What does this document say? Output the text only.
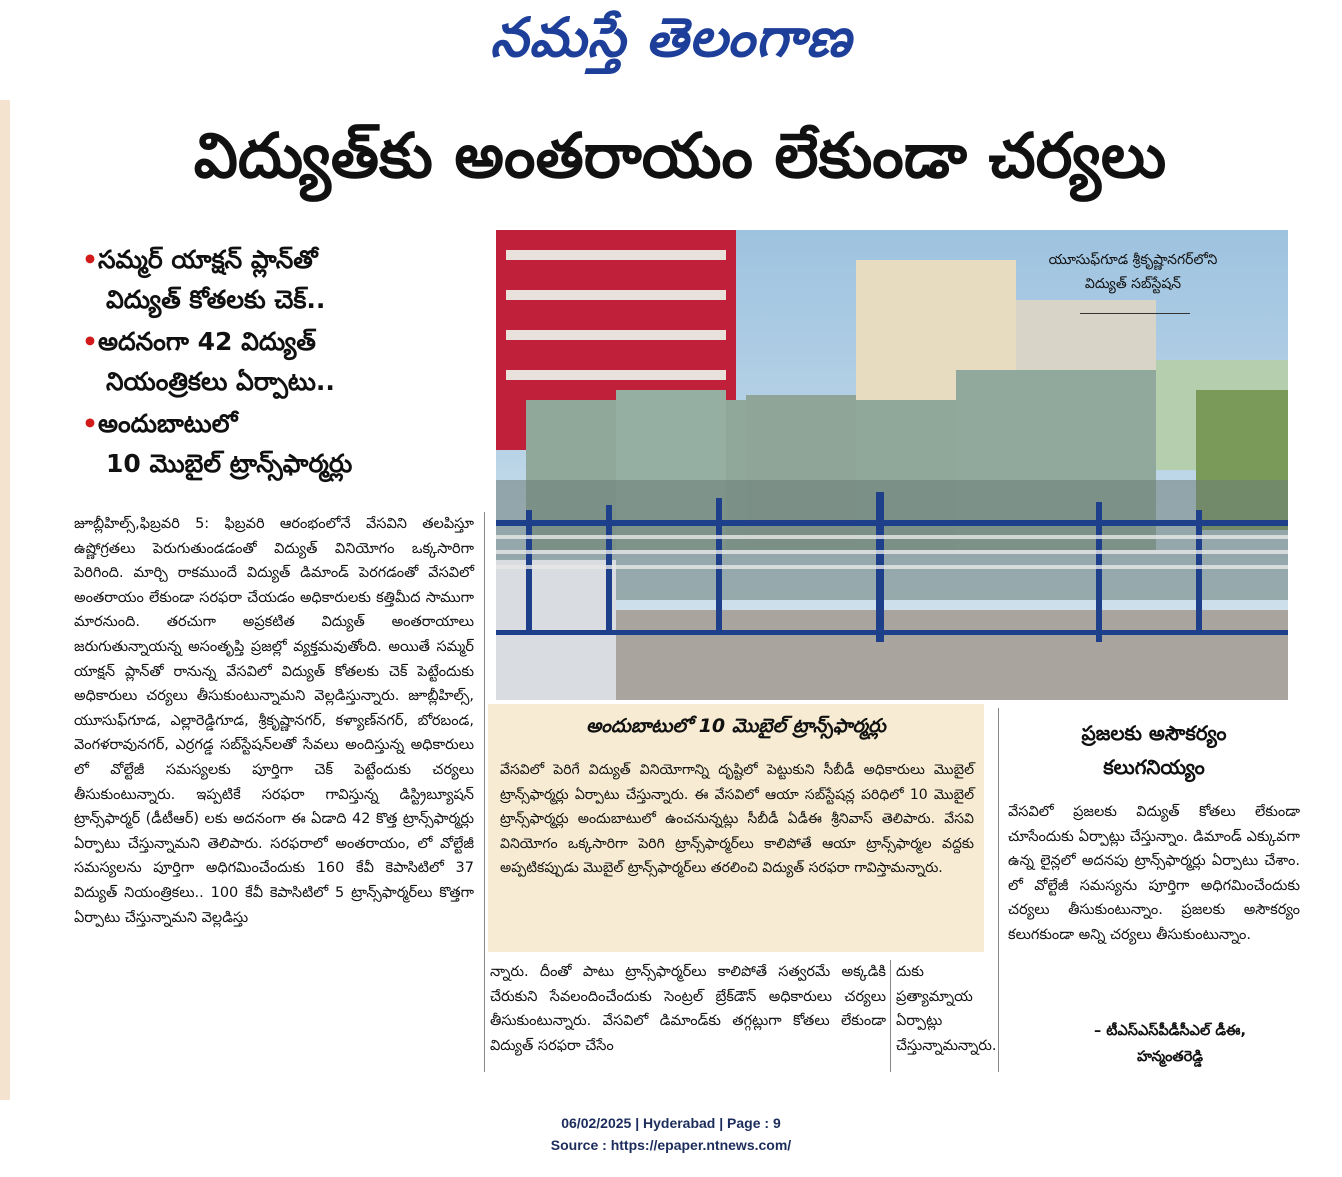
నమస్తే తెలంగాణ
విద్యుత్‌కు అంతరాయం లేకుండా చర్యలు
•సమ్మర్‌ యాక్షన్‌ ప్లాన్‌తో
విద్యుత్‌ కోతలకు చెక్‌..
•అదనంగా 42 విద్యుత్‌
నియంత్రికలు ఏర్పాటు..
•అందుబాటులో
10 మొబైల్‌ ట్రాన్స్‌ఫార్మర్లు
జూబ్లీహిల్స్‌,ఫిబ్రవరి 5: ఫిబ్రవరి ఆరంభంలోనే వేసవిని తలపిస్తూ ఉష్ణోగ్రతలు పెరుగుతుండడంతో విద్యుత్‌ వినియోగం ఒక్కసారిగా పెరిగింది. మార్చి రాకముందే విద్యుత్‌ డిమాండ్‌ పెరగడంతో వేసవిలో అంతరాయం లేకుండా సరఫరా చేయడం అధికారులకు కత్తిమీద సాముగా మారనుంది. తరచుగా అప్రకటిత విద్యుత్‌ అంతరాయాలు జరుగుతున్నాయన్న అసంతృప్తి ప్రజల్లో వ్యక్తమవుతోంది. అయితే సమ్మర్‌ యాక్షన్‌ ప్లాన్‌తో రానున్న వేసవిలో విద్యుత్‌ కోతలకు చెక్‌ పెట్టేందుకు అధికారులు చర్యలు తీసుకుంటున్నామని వెల్లడిస్తున్నారు. జూబ్లీహిల్స్‌, యూసుఫ్‌గూడ, ఎల్లారెడ్డిగూడ, శ్రీకృష్ణానగర్‌, కళ్యాణ్‌నగర్‌, బోరబండ, వెంగళరావునగర్‌, ఎర్రగడ్డ సబ్‌స్టేషన్‌లతో సేవలు అందిస్తున్న అధికారులు లో వోల్టేజీ సమస్యలకు పూర్తిగా చెక్‌ పెట్టేందుకు చర్యలు తీసుకుంటున్నారు. ఇప్పటికే సరఫరా గావిస్తున్న డిస్ట్రిబ్యూషన్‌ ట్రాన్స్‌ఫార్మర్‌ (డీటీఆర్‌) లకు అదనంగా ఈ ఏడాది 42 కొత్త ట్రాన్స్‌ఫార్మర్లు ఏర్పాటు చేస్తున్నామని తెలిపారు. సరఫరాలో అంతరాయం, లో వోల్టేజీ సమస్యలను పూర్తిగా అధిగమించేందుకు 160 కేవీ కెపాసిటిలో 37 విద్యుత్‌ నియంత్రికలు.. 100 కేవీ కెపాసిటిలో 5 ట్రాన్స్‌ఫార్మర్‌లు కొత్తగా ఏర్పాటు చేస్తున్నామని వెల్లడిస్తు
యూసుఫ్‌గూడ శ్రీకృష్ణానగర్‌లోని
విద్యుత్‌ సబ్‌స్టేషన్‌
అందుబాటులో 10 మొబైల్‌ ట్రాన్స్‌ఫార్మర్లు
వేసవిలో పెరిగే విద్యుత్‌ వినియోగాన్ని దృష్టిలో పెట్టుకుని సీబీడీ అధికారులు మొబైల్‌ ట్రాన్స్‌ఫార్మర్లు ఏర్పాటు చేస్తున్నారు. ఈ వేసవిలో ఆయా సబ్‌స్టేషన్ల పరిధిలో 10 మొబైల్‌ ట్రాన్స్‌ఫార్మర్లు అందుబాటులో ఉంచనున్నట్లు సీబీడీ ఏడీఈ శ్రీనివాస్‌ తెలిపారు. వేసవి వినియోగం ఒక్కసారిగా పెరిగి ట్రాన్స్‌ఫార్మర్‌లు కాలిపోతే ఆయా ట్రాన్స్‌ఫార్మల వద్దకు అప్పటికప్పుడు మొబైల్‌ ట్రాన్స్‌ఫార్మర్‌లు తరలించి విద్యుత్‌ సరఫరా గావిస్తామన్నారు.
న్నారు. దీంతో పాటు ట్రాన్స్‌ఫార్మర్‌లు కాలిపోతే సత్వరమే అక్కడికి చేరుకుని సేవలందించేందుకు సెంట్రల్‌ బ్రేక్‌డౌన్‌ అధికారులు చర్యలు తీసుకుంటున్నారు. వేసవిలో డిమాండ్‌కు తగ్గట్లుగా కోతలు లేకుండా విద్యుత్‌ సరఫరా చేసేం
దుకు ప్రత్యామ్నాయ ఏర్పాట్లు చేస్తున్నామన్నారు.
ప్రజలకు అసౌకర్యం
కలుగనియ్యం
వేసవిలో ప్రజలకు విద్యుత్‌ కోతలు లేకుండా చూసేందుకు ఏర్పాట్లు చేస్తున్నాం. డిమాండ్‌ ఎక్కువగా ఉన్న లైన్లలో అదనపు ట్రాన్స్‌ఫార్మర్లు ఏర్పాటు చేశాం. లో వోల్టేజీ సమస్యను పూర్తిగా అధిగమించేందుకు చర్యలు తీసుకుంటున్నాం. ప్రజలకు అసౌకర్యం కలుగకుండా అన్ని చర్యలు తీసుకుంటున్నాం.
– టీఎస్‌ఎస్‌పీడీసీఎల్‌ డీఈ,
హన్మంతరెడ్డి
06/02/2025 | Hyderabad | Page : 9
Source : https://epaper.ntnews.com/
